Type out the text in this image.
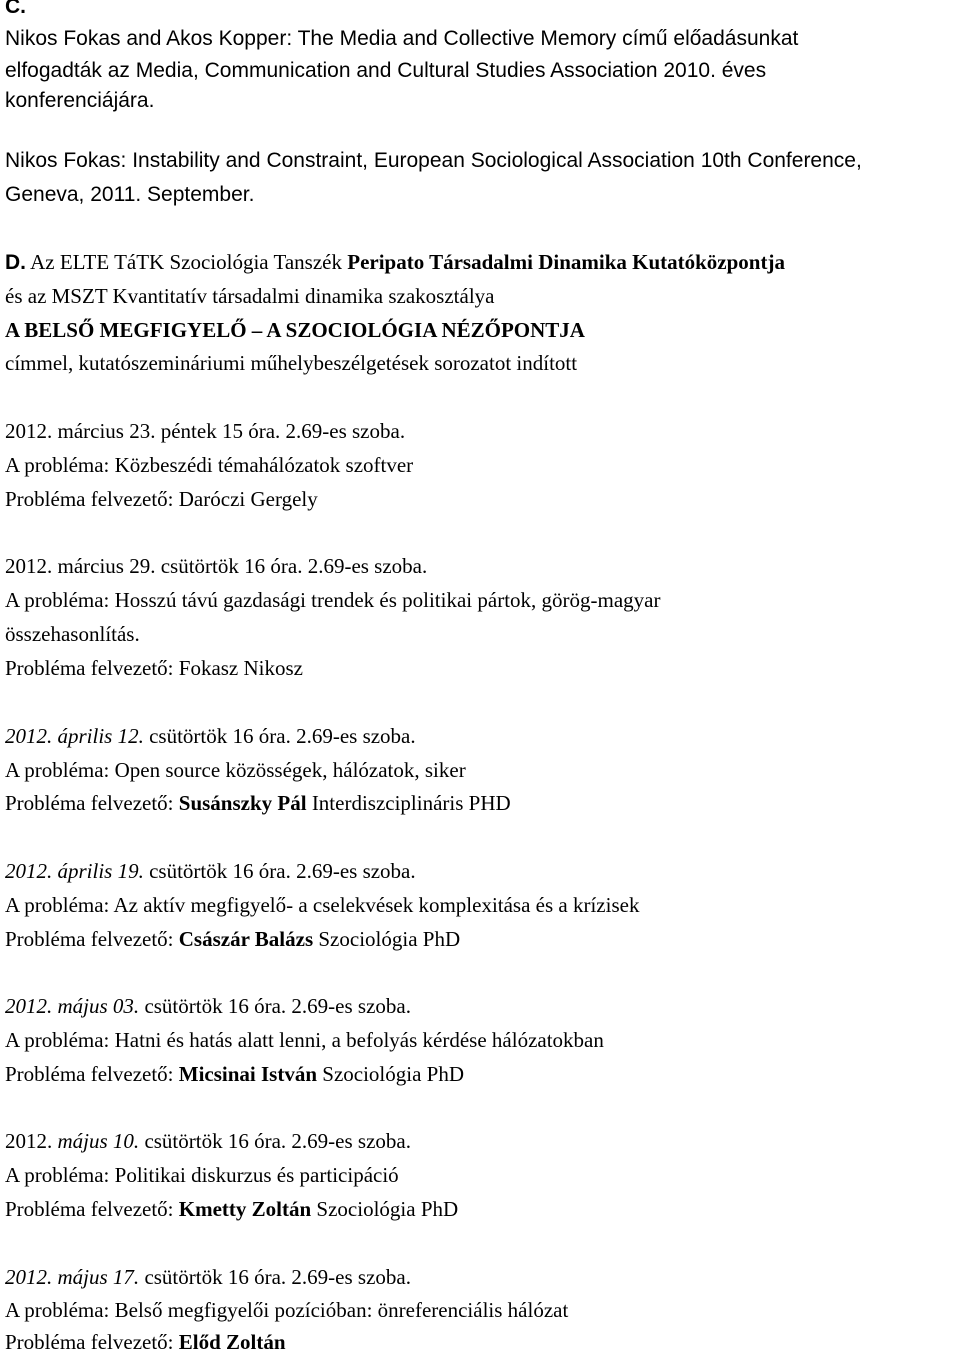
C.
Nikos Fokas and Akos Kopper: The Media and Collective Memory című előadásunkat
elfogadták az Media, Communication and Cultural Studies Association 2010. éves
konferenciájára.
Nikos Fokas: Instability and Constraint, European Sociological Association 10th Conference,
Geneva, 2011. September.
D. Az ELTE TáTK Szociológia Tanszék Peripato Társadalmi Dinamika Kutatóközpontja
és az MSZT Kvantitatív társadalmi dinamika szakosztálya
A BELSŐ MEGFIGYELŐ – A SZOCIOLÓGIA NÉZŐPONTJA
címmel, kutatószemináriumi műhelybeszélgetések sorozatot indított
2012. március 23. péntek 15 óra. 2.69-es szoba.
A probléma: Közbeszédi témahálózatok szoftver
Probléma felvezető: Daróczi Gergely
2012. március 29. csütörtök 16 óra. 2.69-es szoba.
A probléma: Hosszú távú gazdasági trendek és politikai pártok, görög-magyar
összehasonlítás.
Probléma felvezető: Fokasz Nikosz
2012. április 12. csütörtök 16 óra. 2.69-es szoba.
A probléma: Open source közösségek, hálózatok, siker
Probléma felvezető: Susánszky Pál Interdiszciplináris PHD
2012. április 19. csütörtök 16 óra. 2.69-es szoba.
A probléma: Az aktív megfigyelő- a cselekvések komplexitása és a krízisek
Probléma felvezető: Császár Balázs Szociológia PhD
2012. május 03. csütörtök 16 óra. 2.69-es szoba.
A probléma: Hatni és hatás alatt lenni, a befolyás kérdése hálózatokban
Probléma felvezető: Micsinai István Szociológia PhD
2012. május 10. csütörtök 16 óra. 2.69-es szoba.
A probléma: Politikai diskurzus és participáció
Probléma felvezető: Kmetty Zoltán Szociológia PhD
2012. május 17. csütörtök 16 óra. 2.69-es szoba.
A probléma: Belső megfigyelői pozícióban: önreferenciális hálózat
Probléma felvezető: Előd Zoltán
